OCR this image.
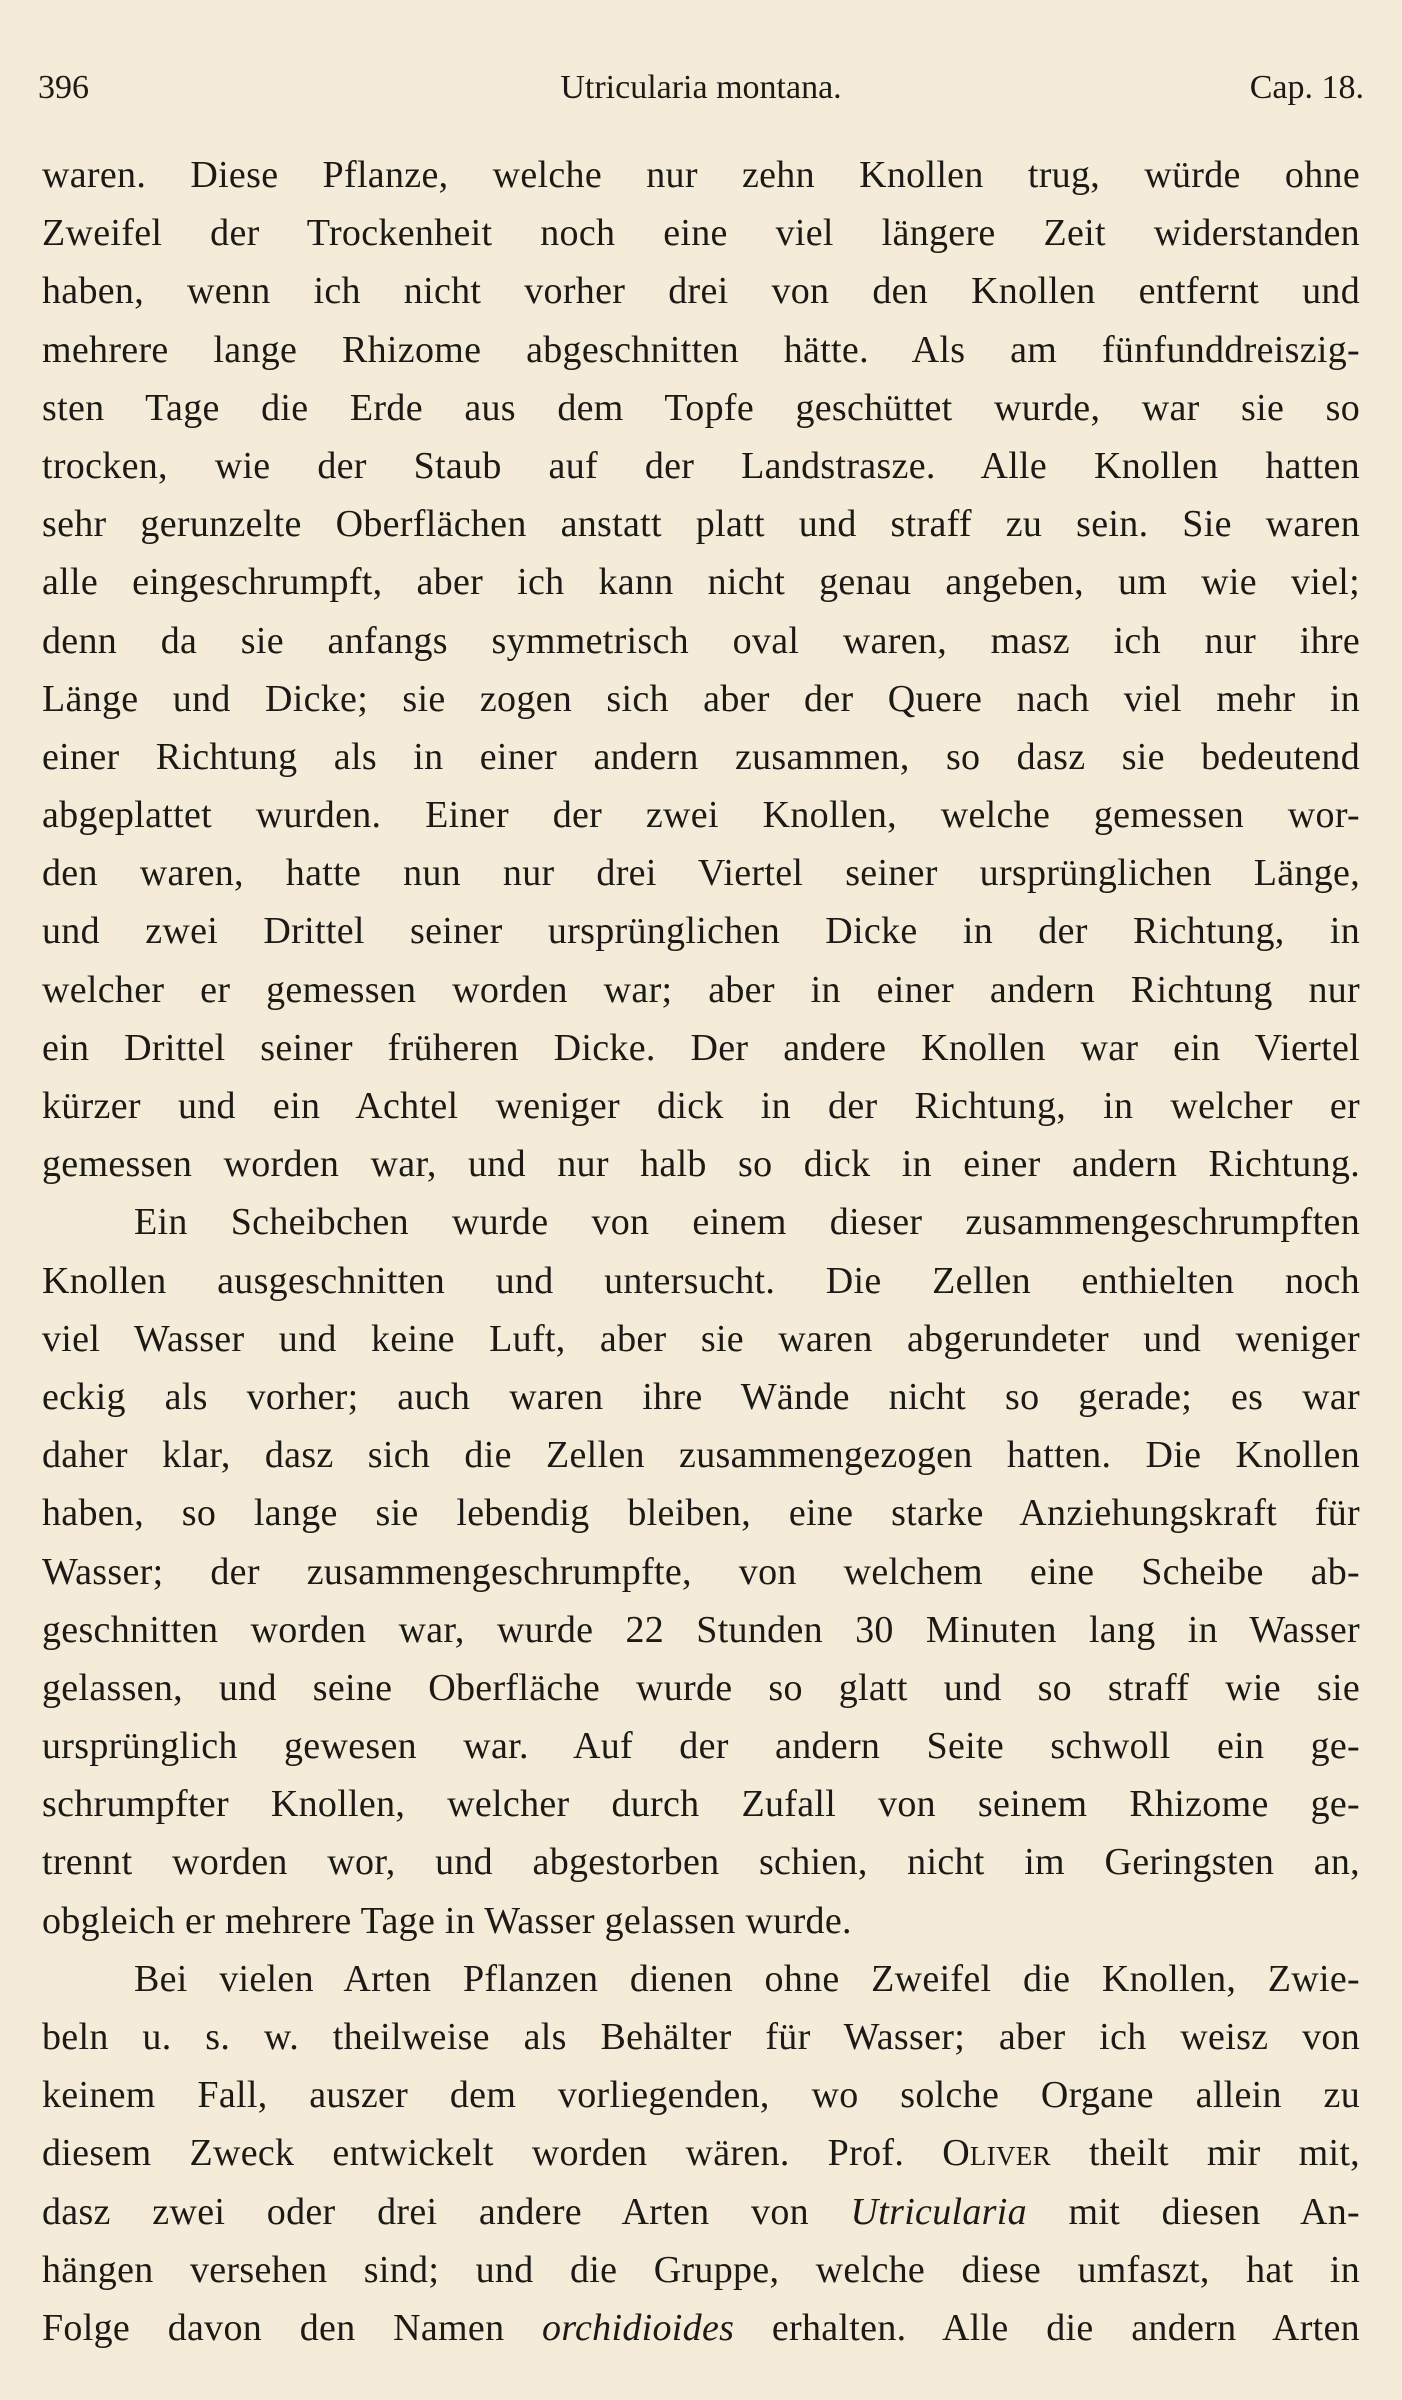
396	Utricularia montana.	Cap. 18.
waren. Diese Pflanze, welche nur zehn Knollen trug, würde ohne
Zweifel der Trockenheit noch eine viel längere Zeit widerstanden
haben, wenn ich nicht vorher drei von den Knollen entfernt und
mehrere lange Rhizome abgeschnitten hätte. Als am fünfunddreiszig-
sten Tage die Erde aus dem Topfe geschüttet wurde, war sie so
trocken, wie der Staub auf der Landstrasze. Alle Knollen hatten
sehr gerunzelte Oberflächen anstatt platt und straff zu sein. Sie waren
alle eingeschrumpft, aber ich kann nicht genau angeben, um wie viel;
denn da sie anfangs symmetrisch oval waren, masz ich nur ihre
Länge und Dicke; sie zogen sich aber der Quere nach viel mehr in
einer Richtung als in einer andern zusammen, so dasz sie bedeutend
abgeplattet wurden. Einer der zwei Knollen, welche gemessen wor-
den waren, hatte nun nur drei Viertel seiner ursprünglichen Länge,
und zwei Drittel seiner ursprünglichen Dicke in der Richtung, in
welcher er gemessen worden war; aber in einer andern Richtung nur
ein Drittel seiner früheren Dicke. Der andere Knollen war ein Viertel
kürzer und ein Achtel weniger dick in der Richtung, in welcher er
gemessen worden war, und nur halb so dick in einer andern Richtung.
Ein Scheibchen wurde von einem dieser zusammengeschrumpften
Knollen ausgeschnitten und untersucht. Die Zellen enthielten noch
viel Wasser und keine Luft, aber sie waren abgerundeter und weniger
eckig als vorher; auch waren ihre Wände nicht so gerade; es war
daher klar, dasz sich die Zellen zusammengezogen hatten. Die Knollen
haben, so lange sie lebendig bleiben, eine starke Anziehungskraft für
Wasser; der zusammengeschrumpfte, von welchem eine Scheibe ab-
geschnitten worden war, wurde 22 Stunden 30 Minuten lang in Wasser
gelassen, und seine Oberfläche wurde so glatt und so straff wie sie
ursprünglich gewesen war. Auf der andern Seite schwoll ein ge-
schrumpfter Knollen, welcher durch Zufall von seinem Rhizome ge-
trennt worden wor, und abgestorben schien, nicht im Geringsten an,
obgleich er mehrere Tage in Wasser gelassen wurde.
Bei vielen Arten Pflanzen dienen ohne Zweifel die Knollen, Zwie-
beln u. s. w. theilweise als Behälter für Wasser; aber ich weisz von
keinem Fall, auszer dem vorliegenden, wo solche Organe allein zu
diesem Zweck entwickelt worden wären. Prof. Oliver theilt mir mit,
dasz zwei oder drei andere Arten von Utricularia mit diesen An-
hängen versehen sind; und die Gruppe, welche diese umfaszt, hat in
Folge davon den Namen orchidioides erhalten. Alle die andern Arten
